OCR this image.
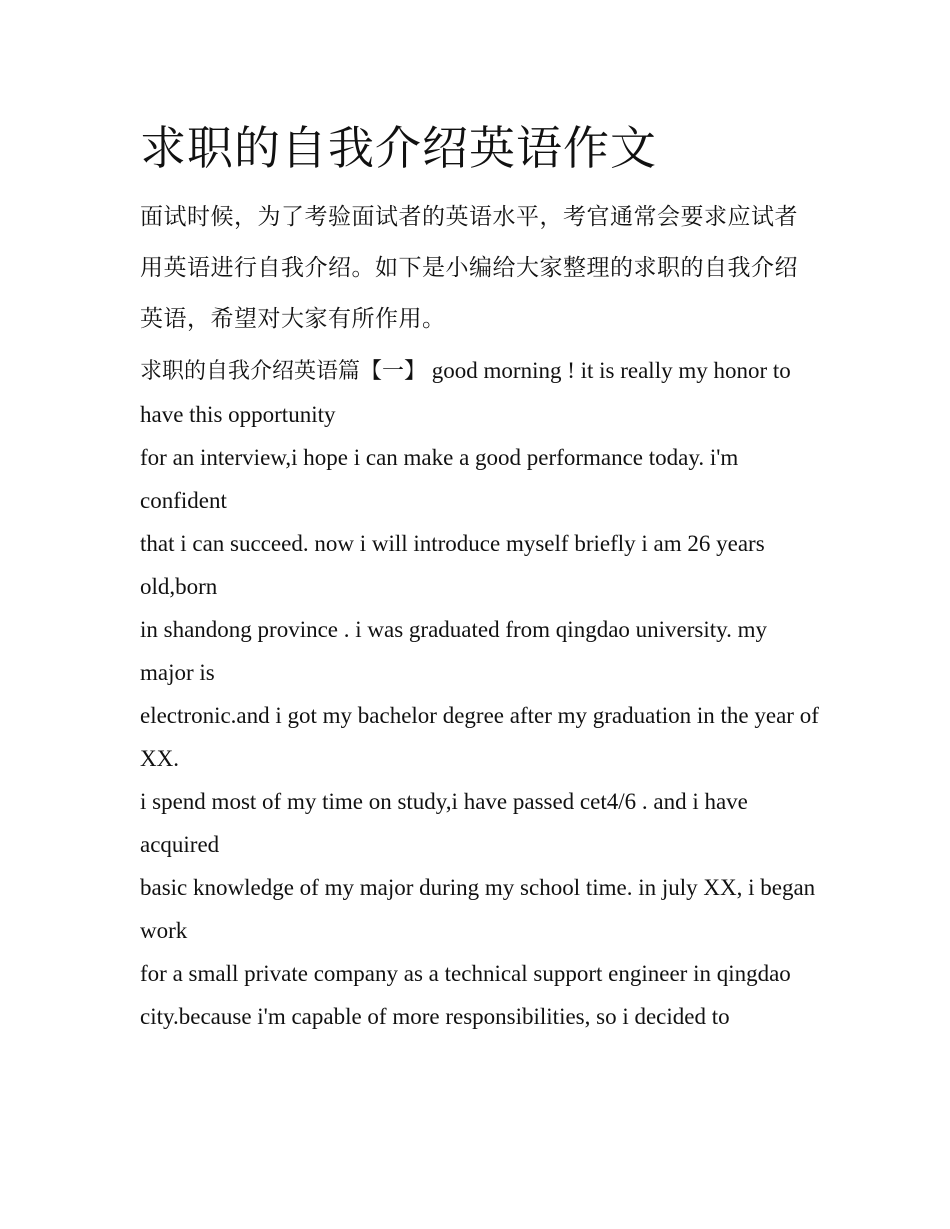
求职的自我介绍英语作文

面试时候，为了考验面试者的英语水平，考官通常会要求应试者用英语进行自我介绍。如下是小编给大家整理的求职的自我介绍英语，希望对大家有所作用。

求职的自我介绍英语篇【一】 good morning ! it is really my honor to have this opportunity

for an interview,i hope i can make a good performance today. i'm confident

that i can succeed. now i will introduce myself briefly i am 26 years old,born

in shandong province . i was graduated from qingdao university. my major is

electronic.and i got my bachelor degree after my graduation in the year of XX.

i spend most of my time on study,i have passed cet4/6 . and i have acquired

basic knowledge of my major during my school time. in july XX, i began work

for a small private company as a technical support engineer in qingdao

city.because i'm capable of more responsibilities, so i decided to
